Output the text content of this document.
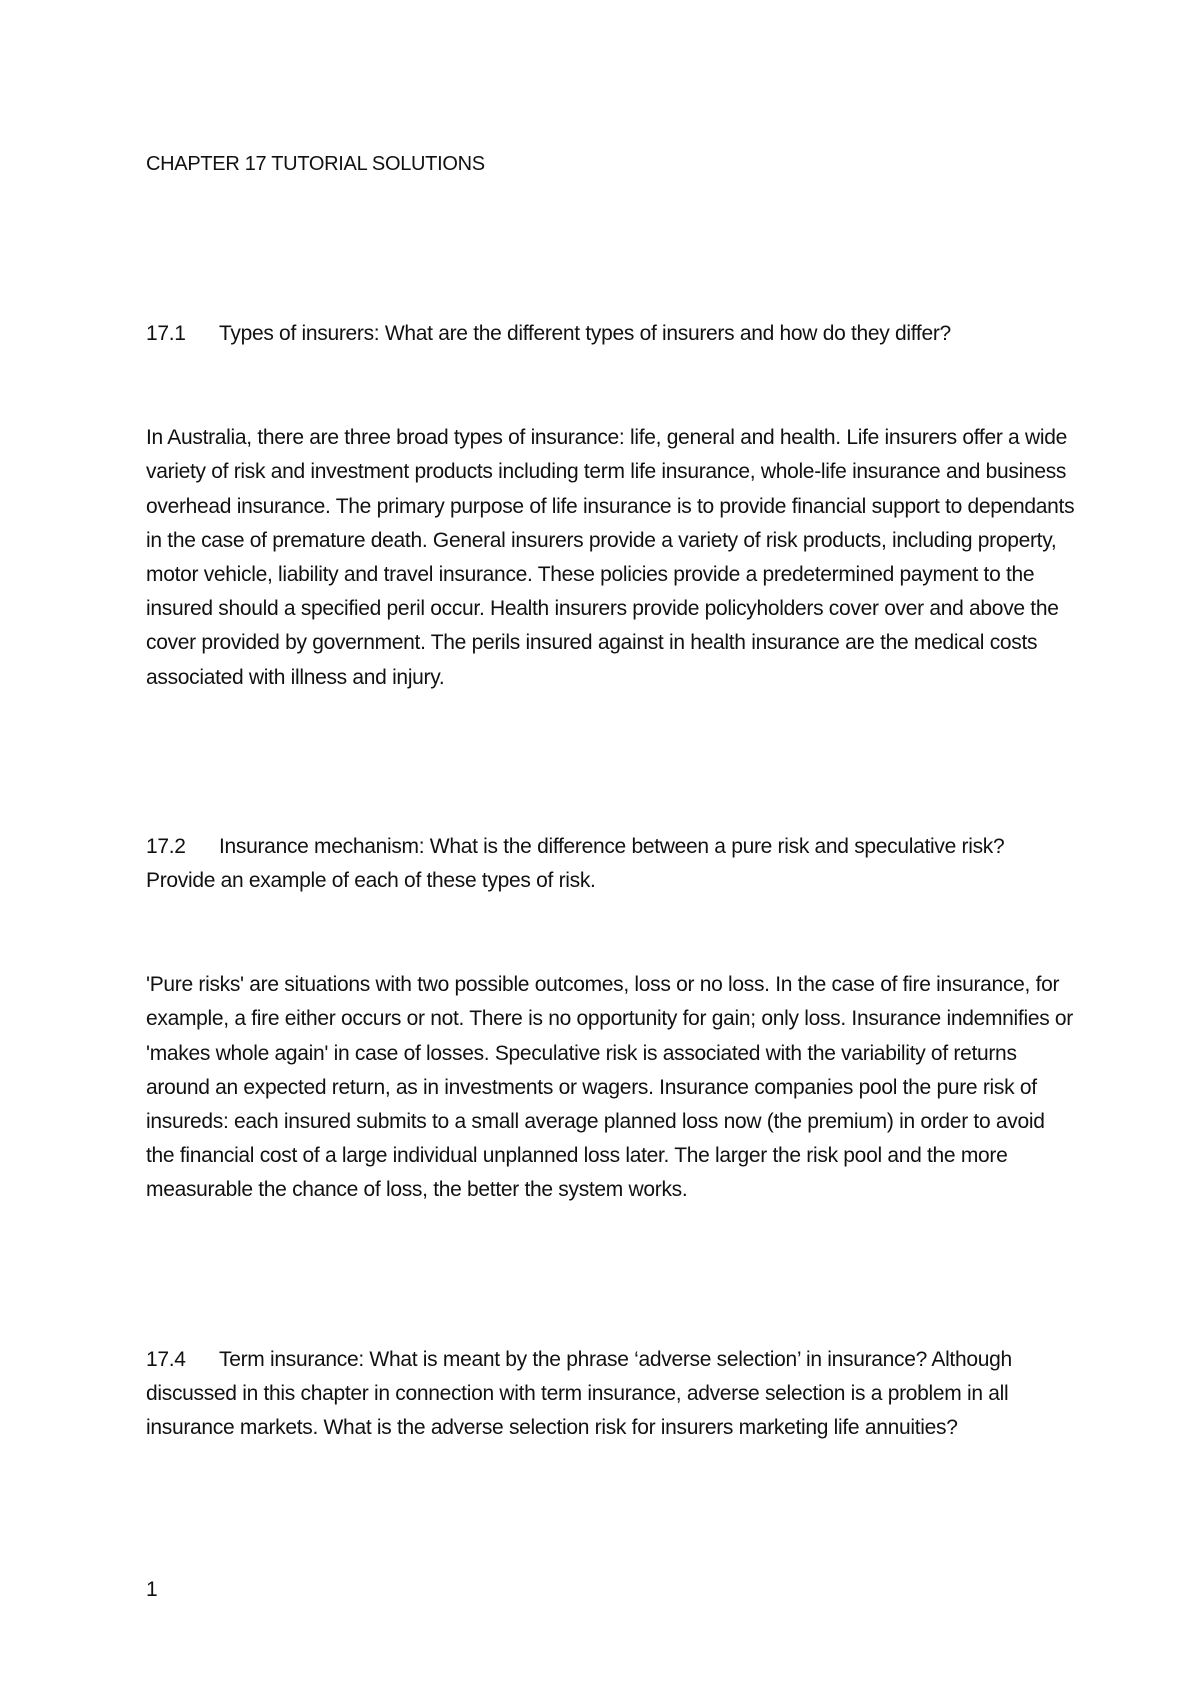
CHAPTER 17 TUTORIAL SOLUTIONS

17.1 Types of insurers: What are the different types of insurers and how do they differ?

In Australia, there are three broad types of insurance: life, general and health. Life insurers offer a wide variety of risk and investment products including term life insurance, whole-life insurance and business overhead insurance. The primary purpose of life insurance is to provide financial support to dependants in the case of premature death. General insurers provide a variety of risk products, including property, motor vehicle, liability and travel insurance. These policies provide a predetermined payment to the insured should a specified peril occur. Health insurers provide policyholders cover over and above the cover provided by government. The perils insured against in health insurance are the medical costs associated with illness and injury.

17.2 Insurance mechanism: What is the difference between a pure risk and speculative risk? Provide an example of each of these types of risk.

'Pure risks' are situations with two possible outcomes, loss or no loss. In the case of fire insurance, for example, a fire either occurs or not. There is no opportunity for gain; only loss. Insurance indemnifies or 'makes whole again' in case of losses. Speculative risk is associated with the variability of returns around an expected return, as in investments or wagers. Insurance companies pool the pure risk of insureds: each insured submits to a small average planned loss now (the premium) in order to avoid the financial cost of a large individual unplanned loss later. The larger the risk pool and the more measurable the chance of loss, the better the system works.

17.4 Term insurance: What is meant by the phrase ‘adverse selection’ in insurance? Although discussed in this chapter in connection with term insurance, adverse selection is a problem in all insurance markets. What is the adverse selection risk for insurers marketing life annuities?

1
